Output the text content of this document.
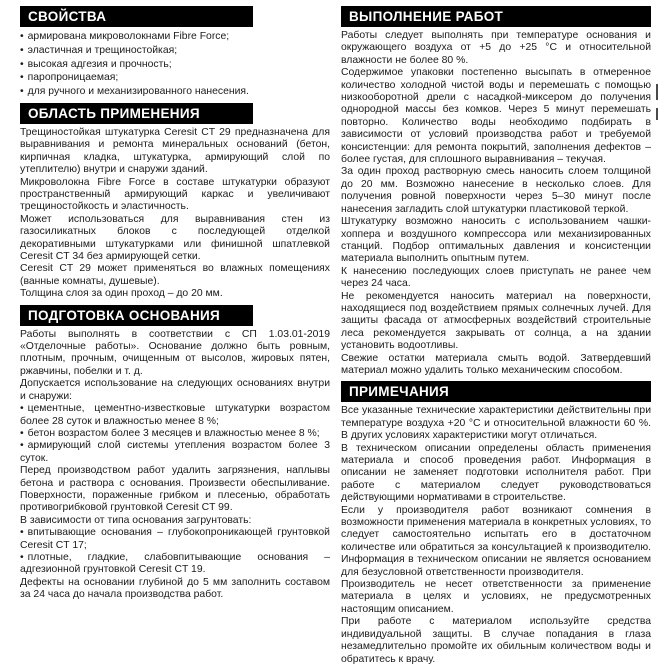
СВОЙСТВА

• армирована микроволокнами Fibre Force;

• эластичная и трещиностойкая;

• высокая адгезия и прочность;

• паропроницаемая;

• для ручного и механизированного нанесения.

ОБЛАСТЬ ПРИМЕНЕНИЯ

Трещиностойкая штукатурка Ceresit CT 29 предназначена для выравнивания и ремонта минеральных оснований (бетон, кирпичная кладка, штукатурка, армирующий слой по утеплителю) внутри и снаружи зданий.

Микроволокна Fibre Force в составе штукатурки образуют пространственный армирующий каркас и увеличивают трещиностойкость и эластичность.

Может использоваться для выравнивания стен из газосиликатных блоков с последующей отделкой декоративными штукатурками или финишной шпатлевкой Ceresit CT 34 без армирующей сетки.

Ceresit CT 29 может применяться во влажных помещениях (ванные комнаты, душевые).

Толщина слоя за один проход – до 20 мм.

ПОДГОТОВКА ОСНОВАНИЯ

Работы выполнять в соответствии с СП 1.03.01-2019 «Отделочные работы». Основание должно быть ровным, плотным, прочным, очищенным от высолов, жировых пятен, ржавчины, побелки и т. д.

Допускается использование на следующих основаниях внутри и снаружи:

• цементные, цементно-известковые штукатурки возрастом более 28 суток и влажностью менее 8 %;

• бетон возрастом более 3 месяцев и влажностью менее 8 %;

• армирующий слой системы утепления возрастом более 3 суток.

Перед производством работ удалить загрязнения, наплывы бетона и раствора с основания. Произвести обеспыливание. Поверхности, пораженные грибком и плесенью, обработать противогрибковой грунтовкой Ceresit CT 99.

В зависимости от типа основания загрунтовать:

• впитывающие основания – глубокопроникающей грунтовкой Ceresit CT 17;

• плотные, гладкие, слабовпитывающие основания – адгезионной грунтовкой Ceresit CT 19.

Дефекты на основании глубиной до 5 мм заполнить составом за 24 часа до начала производства работ.

ВЫПОЛНЕНИЕ РАБОТ

Работы следует выполнять при температуре основания и окружающего воздуха от +5 до +25 °C и относительной влажности не более 80 %.

Содержимое упаковки постепенно высыпать в отмеренное количество холодной чистой воды и перемешать с помощью низкооборотной дрели с насадкой-миксером до получения однородной массы без комков. Через 5 минут перемешать повторно. Количество воды необходимо подбирать в зависимости от условий производства работ и требуемой консистенции: для ремонта покрытий, заполнения дефектов – более густая, для сплошного выравнивания – текучая.

За один проход растворную смесь наносить слоем толщиной до 20 мм. Возможно нанесение в несколько слоев. Для получения ровной поверхности через 5–30 минут после нанесения загладить слой штукатурки пластиковой теркой.

Штукатурку возможно наносить с использованием чашки-хоппера и воздушного компрессора или механизированных станций. Подбор оптимальных давления и консистенции материала выполнить опытным путем.

К нанесению последующих слоев приступать не ранее чем через 24 часа.

Не рекомендуется наносить материал на поверхности, находящиеся под воздействием прямых солнечных лучей. Для защиты фасада от атмосферных воздействий строительные леса рекомендуется закрывать от солнца, а на здании установить водоотливы.

Свежие остатки материала смыть водой. Затвердевший материал можно удалить только механическим способом.

ПРИМЕЧАНИЯ

Все указанные технические характеристики действительны при температуре воздуха +20 °C и относительной влажности 60 %. В других условиях характеристики могут отличаться.

В техническом описании определены область применения материала и способ проведения работ. Информация в описании не заменяет подготовки исполнителя работ. При работе с материалом следует руководствоваться действующими нормативами в строительстве.

Если у производителя работ возникают сомнения в возможности применения материала в конкретных условиях, то следует самостоятельно испытать его в достаточном количестве или обратиться за консультацией к производителю. Информация в техническом описании не является основанием для безусловной ответственности производителя.

Производитель не несет ответственности за применение материала в целях и условиях, не предусмотренных настоящим описанием.

При работе с материалом используйте средства индивидуальной защиты. В случае попадания в глаза незамедлительно промойте их обильным количеством воды и обратитесь к врачу.
